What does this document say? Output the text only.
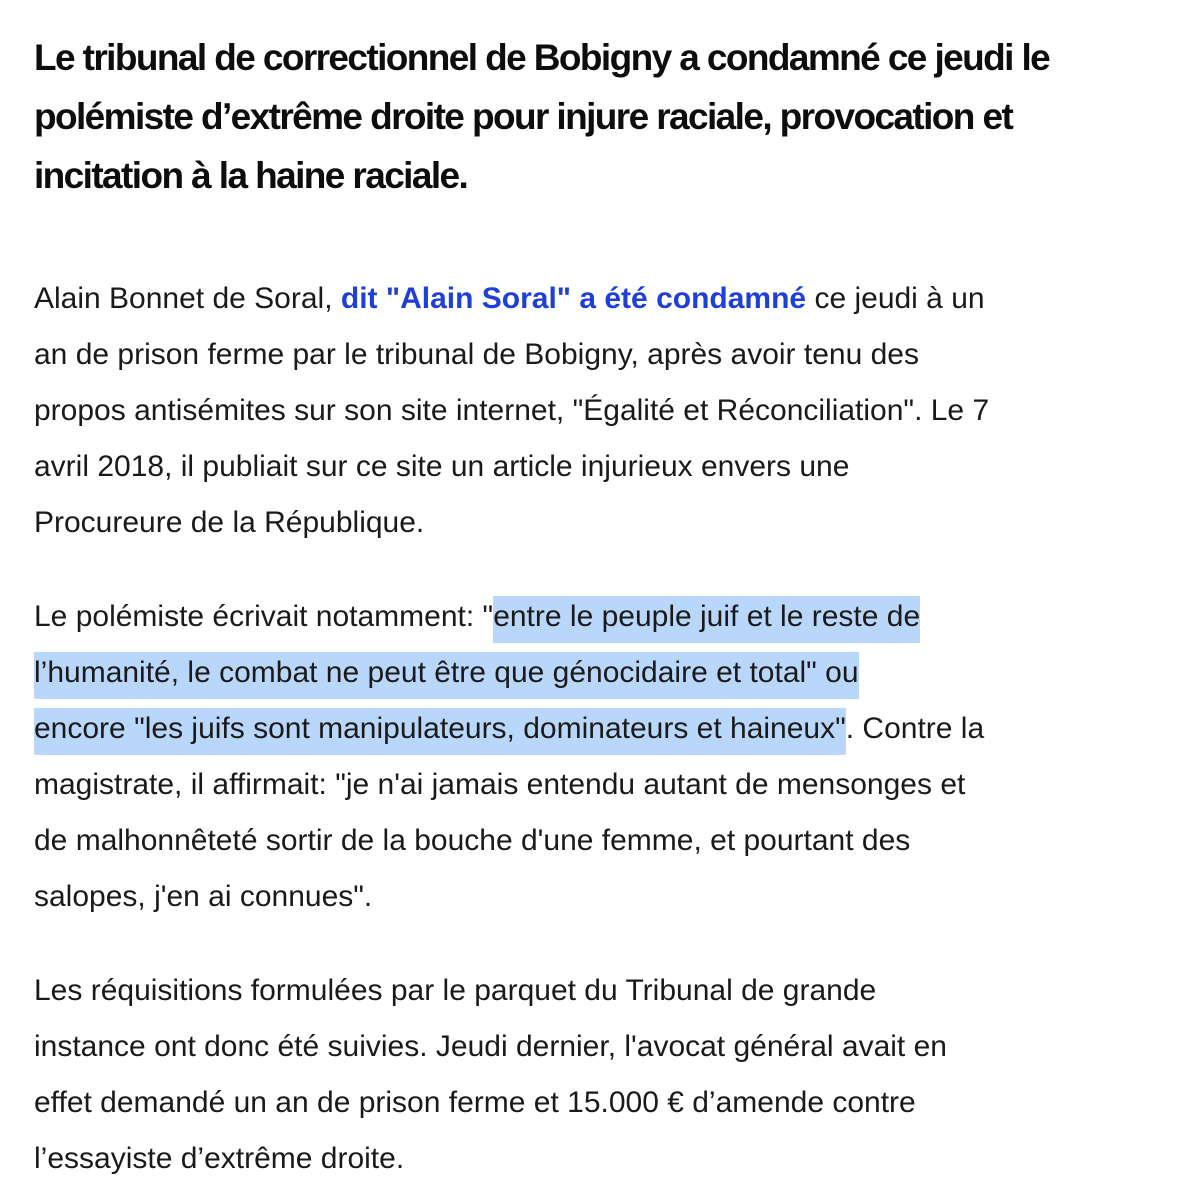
Le tribunal de correctionnel de Bobigny a condamné ce jeudi le
polémiste d’extrême droite pour injure raciale, provocation et
incitation à la haine raciale.

Alain Bonnet de Soral, dit "Alain Soral" a été condamné ce jeudi à un
an de prison ferme par le tribunal de Bobigny, après avoir tenu des
propos antisémites sur son site internet, "Égalité et Réconciliation". Le 7
avril 2018, il publiait sur ce site un article injurieux envers une
Procureure de la République.

Le polémiste écrivait notamment: "entre le peuple juif et le reste de
l’humanité, le combat ne peut être que génocidaire et total" ou
encore "les juifs sont manipulateurs, dominateurs et haineux". Contre la
magistrate, il affirmait: "je n'ai jamais entendu autant de mensonges et
de malhonnêteté sortir de la bouche d'une femme, et pourtant des
salopes, j'en ai connues".

Les réquisitions formulées par le parquet du Tribunal de grande
instance ont donc été suivies. Jeudi dernier, l'avocat général avait en
effet demandé un an de prison ferme et 15.000 € d’amende contre
l’essayiste d’extrême droite.
